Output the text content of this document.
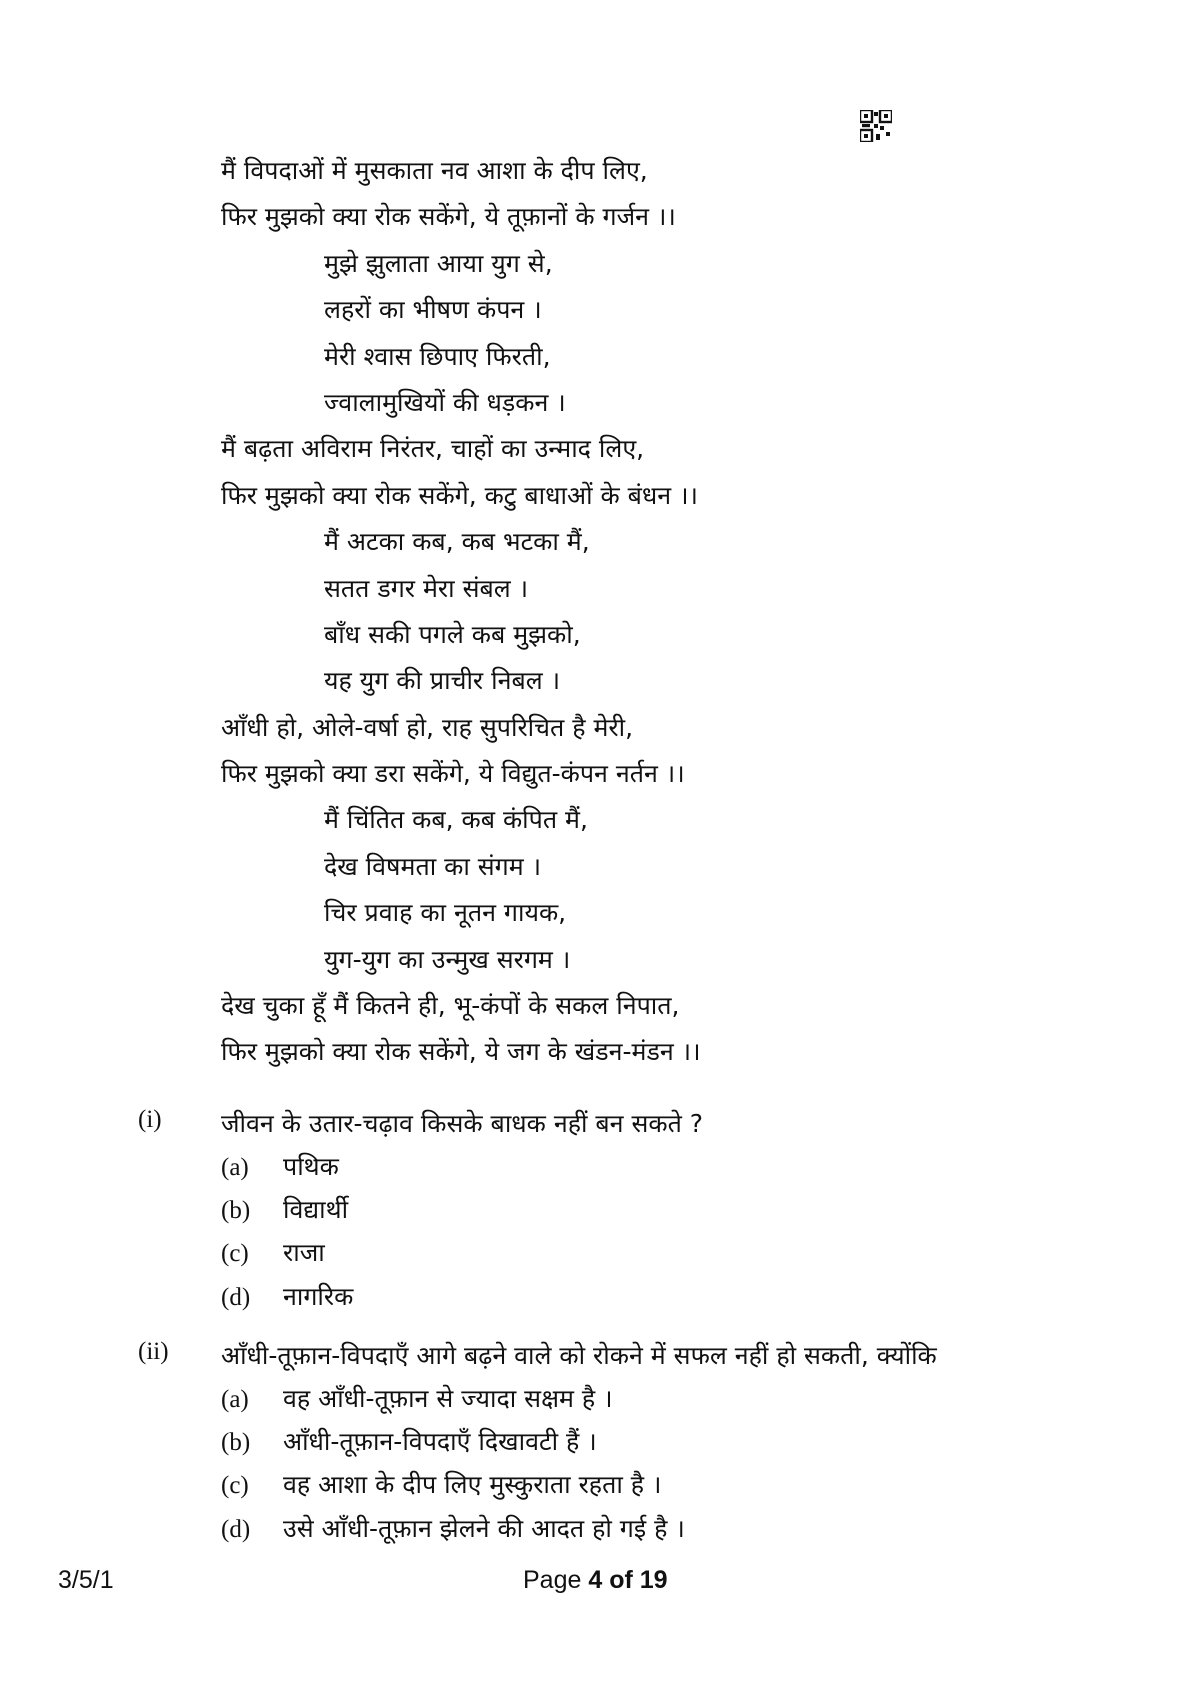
मैं विपदाओं में मुसकाता नव आशा के दीप लिए,
फिर मुझको क्या रोक सकेंगे, ये तूफ़ानों के गर्जन ।।
मुझे झुलाता आया युग से,
लहरों का भीषण कंपन ।
मेरी श्वास छिपाए फिरती,
ज्वालामुखियों की धड़कन ।
मैं बढ़ता अविराम निरंतर, चाहों का उन्माद लिए,
फिर मुझको क्या रोक सकेंगे, कटु बाधाओं के बंधन ।।
मैं अटका कब, कब भटका मैं,
सतत डगर मेरा संबल ।
बाँध सकी पगले कब मुझको,
यह युग की प्राचीर निबल ।
आँधी हो, ओले-वर्षा हो, राह सुपरिचित है मेरी,
फिर मुझको क्या डरा सकेंगे, ये विद्युत-कंपन नर्तन ।।
मैं चिंतित कब, कब कंपित मैं,
देख विषमता का संगम ।
चिर प्रवाह का नूतन गायक,
युग-युग का उन्मुख सरगम ।
देख चुका हूँ मैं कितने ही, भू-कंपों के सकल निपात,
फिर मुझको क्या रोक सकेंगे, ये जग के खंडन-मंडन ।।
(i) जीवन के उतार-चढ़ाव किसके बाधक नहीं बन सकते ?
(a) पथिक
(b) विद्यार्थी
(c) राजा
(d) नागरिक
(ii) आँधी-तूफ़ान-विपदाएँ आगे बढ़ने वाले को रोकने में सफल नहीं हो सकती, क्योंकि
(a) वह आँधी-तूफ़ान से ज्यादा सक्षम है ।
(b) आँधी-तूफ़ान-विपदाएँ दिखावटी हैं ।
(c) वह आशा के दीप लिए मुस्कुराता रहता है ।
(d) उसे आँधी-तूफ़ान झेलने की आदत हो गई है ।
3/5/1	Page 4 of 19
